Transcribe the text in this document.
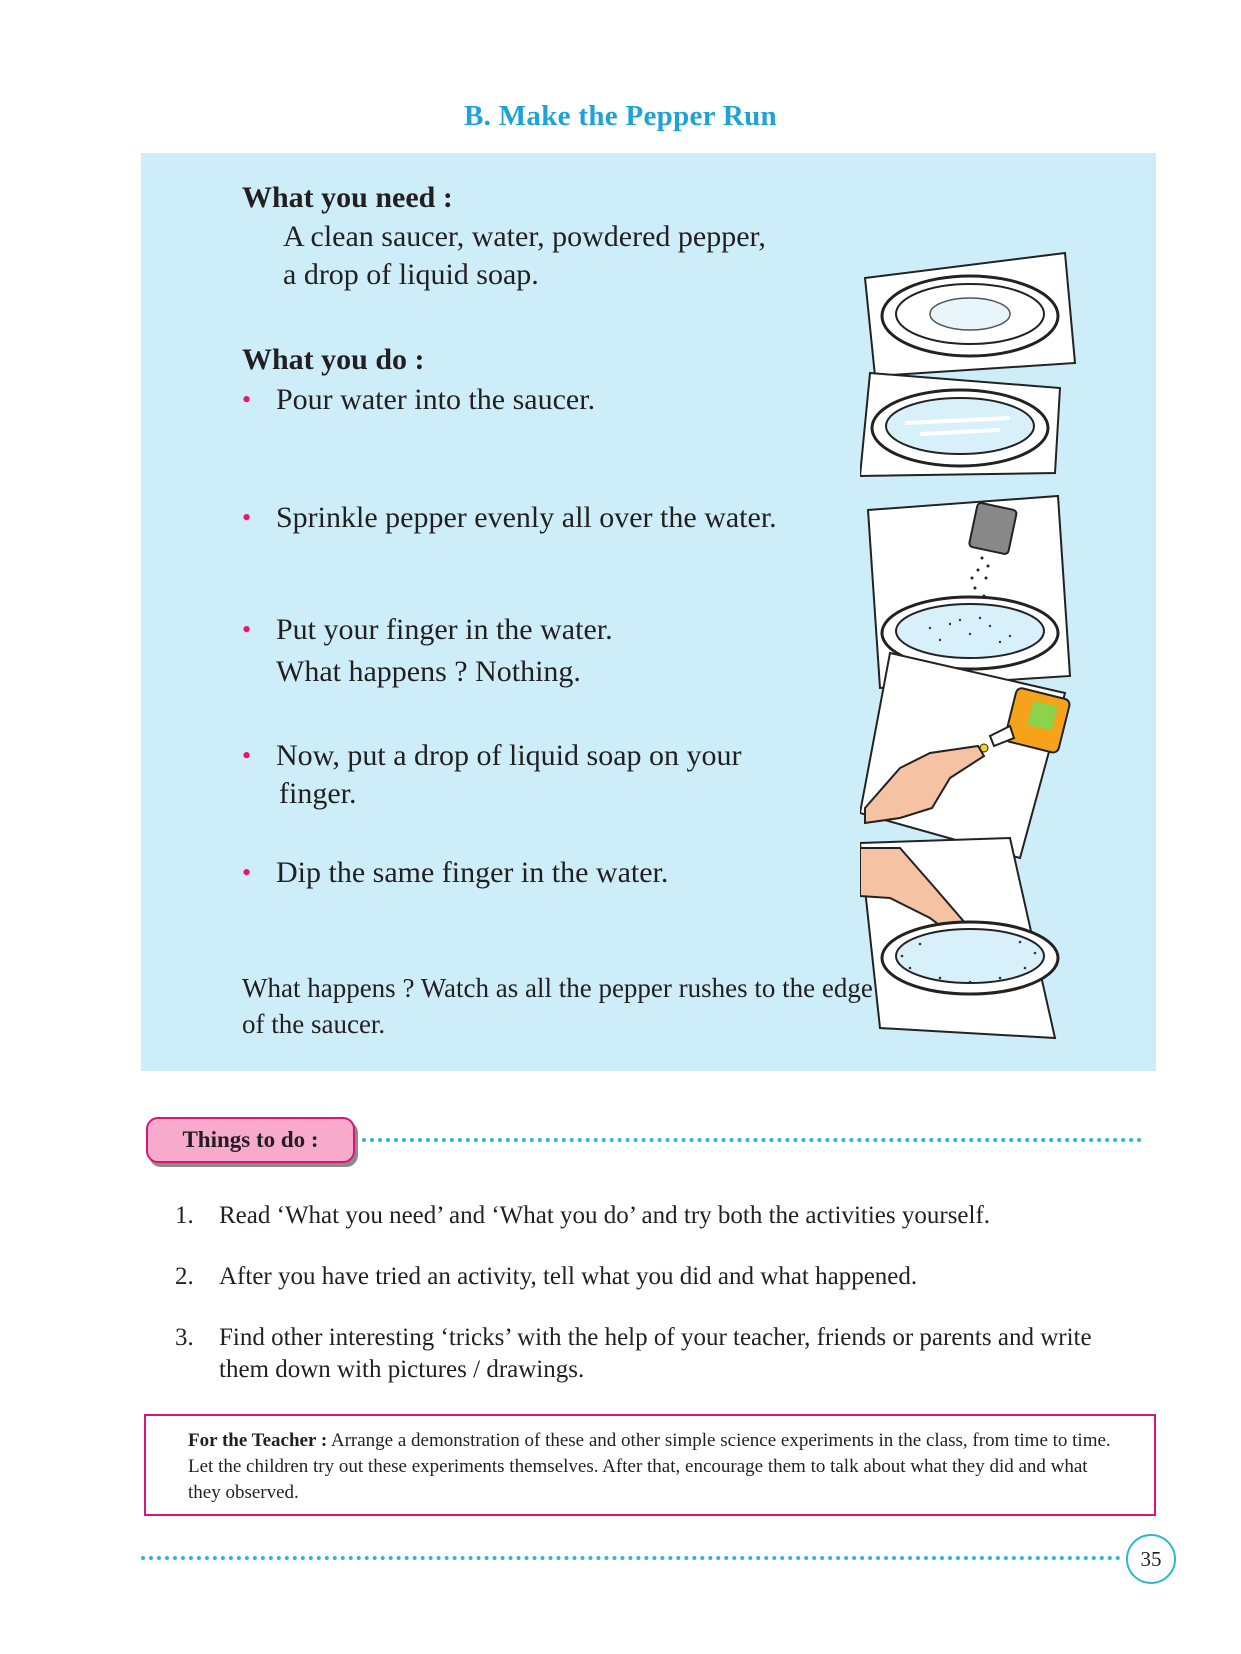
B. Make the Pepper Run
What you need :
A clean saucer, water, powdered pepper,
a drop of liquid soap.
What you do :
• Pour water into the saucer.
• Sprinkle pepper evenly all over the water.
• Put your finger in the water.
What happens ? Nothing.
• Now, put a drop of liquid soap on your
finger.
• Dip the same finger in the water.
What happens ? Watch as all the pepper rushes to the edge of the saucer.
Things to do :
1. Read ‘What you need’ and ‘What you do’ and try both the activities yourself.
2. After you have tried an activity, tell what you did and what happened.
3. Find other interesting ‘tricks’ with the help of your teacher, friends or parents and write them down with pictures / drawings.
For the Teacher : Arrange a demonstration of these and other simple science experiments in the class, from time to time. Let the children try out these experiments themselves. After that, encourage them to talk about what they did and what they observed.
35
